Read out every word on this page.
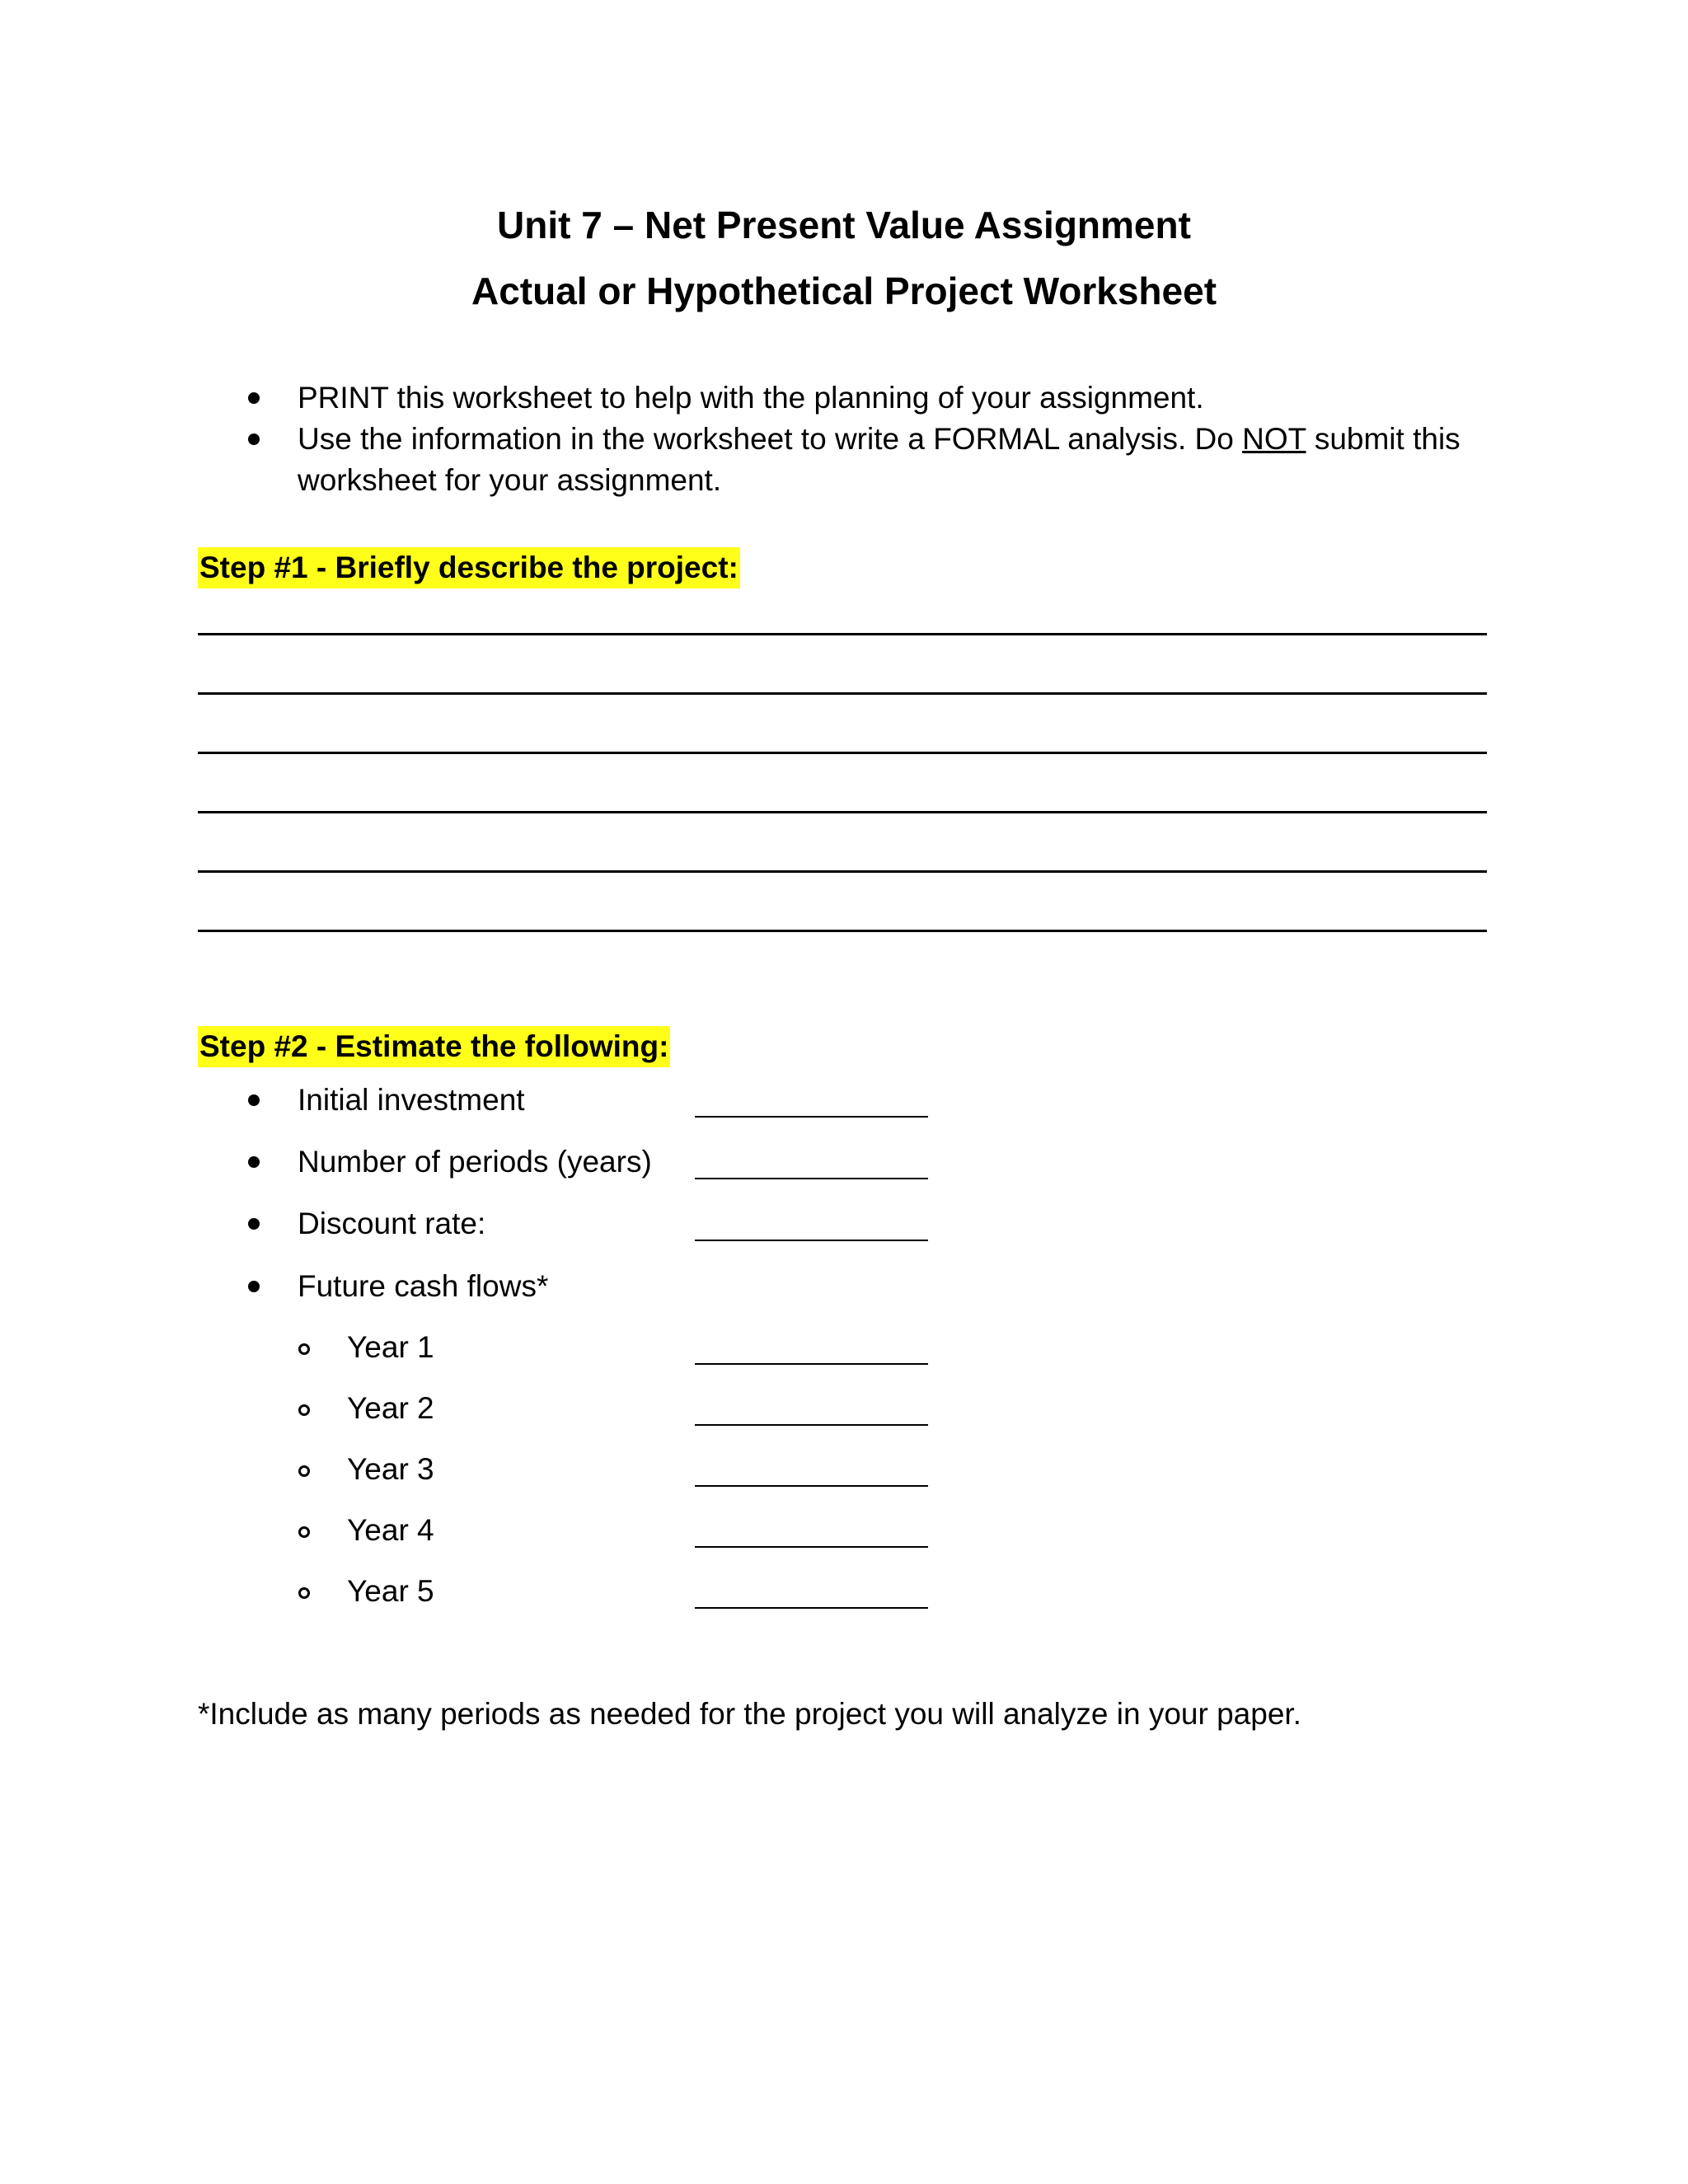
Unit 7 – Net Present Value Assignment
Actual or Hypothetical Project Worksheet
PRINT this worksheet to help with the planning of your assignment.
Use the information in the worksheet to write a FORMAL analysis. Do NOT submit this
worksheet for your assignment.
Step #1 - Briefly describe the project:
Step #2 - Estimate the following:
Initial investment
Number of periods (years)
Discount rate:
Future cash flows*
Year 1
Year 2
Year 3
Year 4
Year 5
*Include as many periods as needed for the project you will analyze in your paper.
